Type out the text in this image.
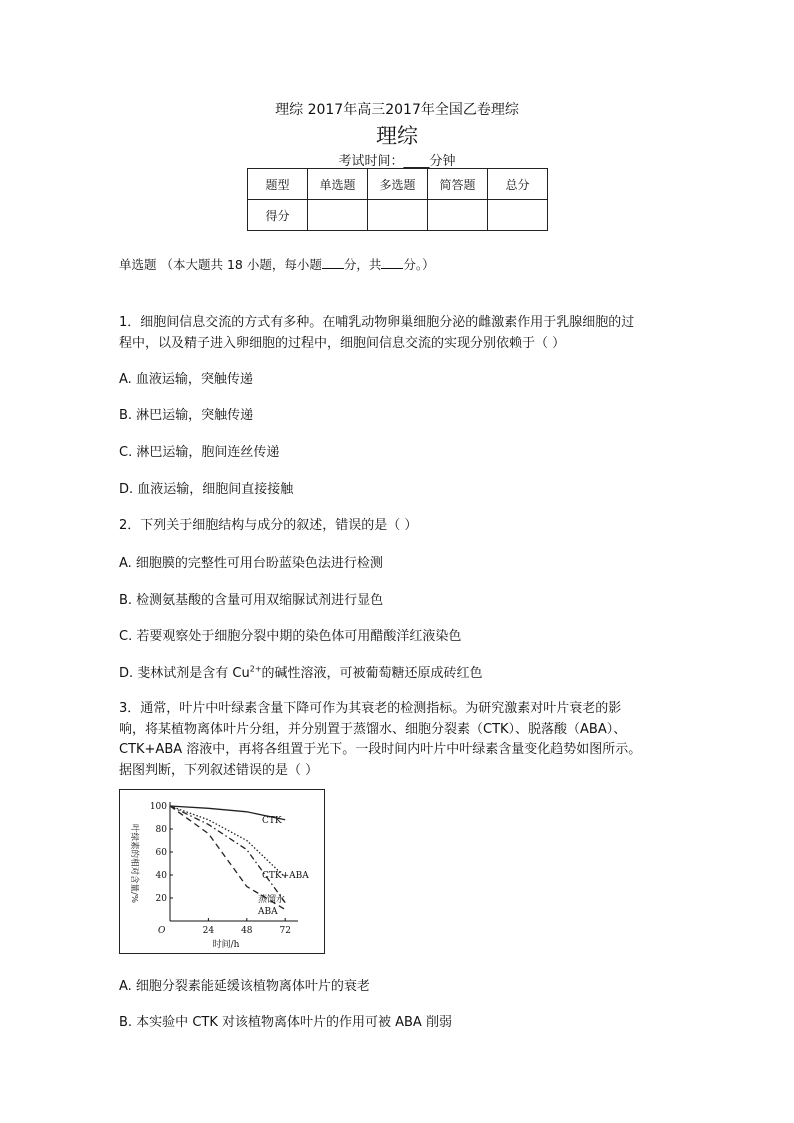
理综 2017年高三2017年全国乙卷理综
理综
考试时间：____分钟
题型	单选题	多选题	简答题	总分
得分				
单选题 （本大题共 18 小题，每小题 分，共 分。）
1．细胞间信息交流的方式有多种。在哺乳动物卵巢细胞分泌的雌激素作用于乳腺细胞的过
程中，以及精子进入卵细胞的过程中，细胞间信息交流的实现分别依赖于（ ）
A. 血液运输，突触传递
B. 淋巴运输，突触传递
C. 淋巴运输，胞间连丝传递
D. 血液运输，细胞间直接接触
2．下列关于细胞结构与成分的叙述，错误的是（ ）
A. 细胞膜的完整性可用台盼蓝染色法进行检测
B. 检测氨基酸的含量可用双缩脲试剂进行显色
C. 若要观察处于细胞分裂中期的染色体可用醋酸洋红液染色
D. 斐林试剂是含有 $Cu^{2+}$的碱性溶液，可被葡萄糖还原成砖红色
3．通常，叶片中叶绿素含量下降可作为其衰老的检测指标。为研究激素对叶片衰老的影
响，将某植物离体叶片分组，并分别置于蒸馏水、细胞分裂素（CTK）、脱落酸（ABA）、
CTK+ABA 溶液中，再将各组置于光下。一段时间内叶片中叶绿素含量变化趋势如图所示。
据图判断，下列叙述错误的是（ ）
20
40
60
80
100
24	48	72
O
时间/h
叶绿素的相对含量/%
CTK
CTK+ABA
蒸馏水
ABA
A. 细胞分裂素能延缓该植物离体叶片的衰老
B. 本实验中 CTK 对该植物离体叶片的作用可被 ABA 削弱
